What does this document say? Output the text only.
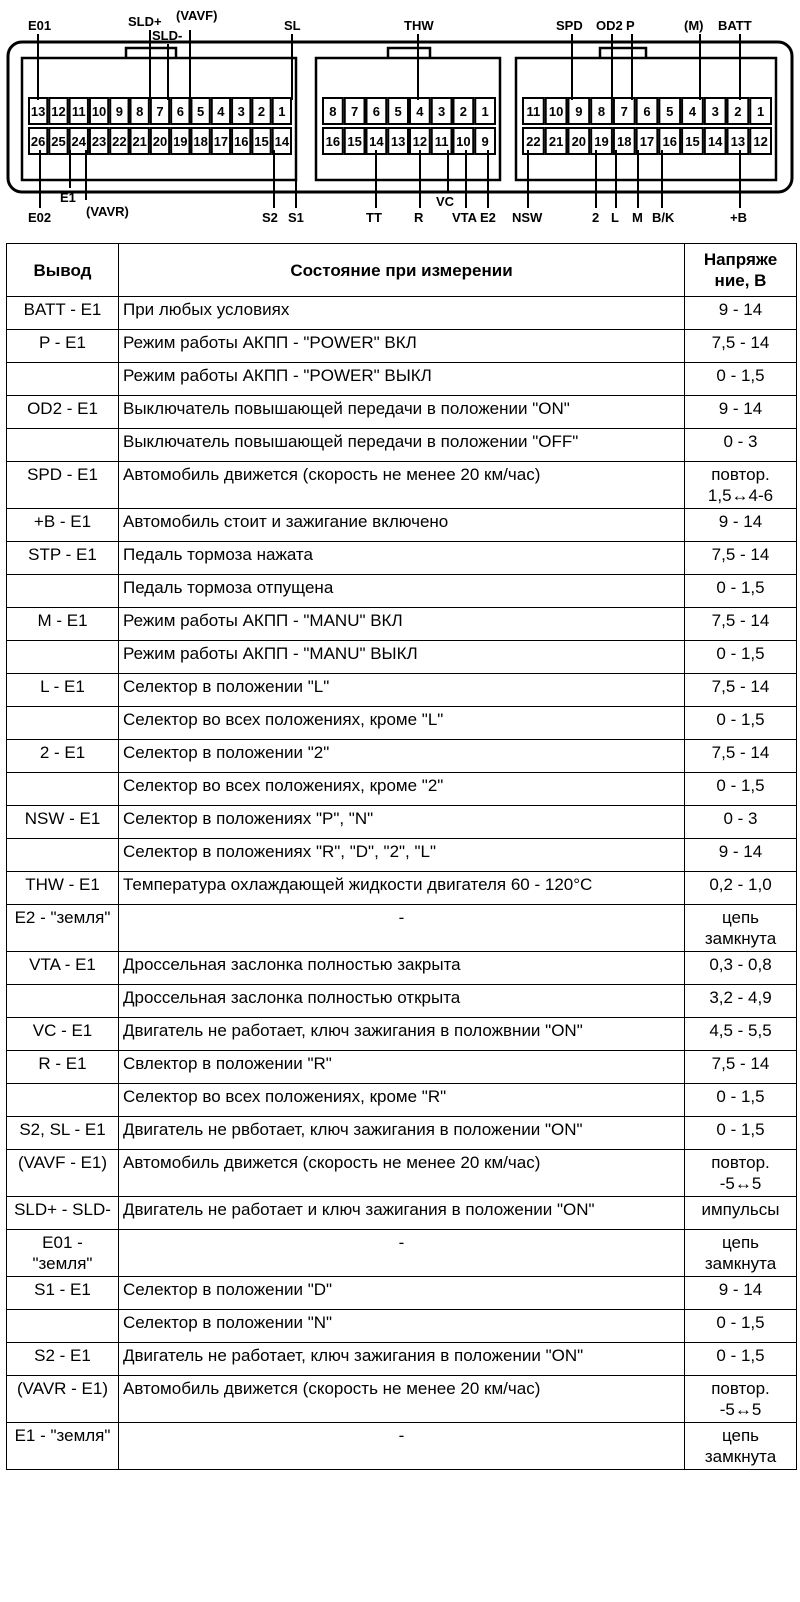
13 12 11 10 9 8 7 6 5 4 3 2 1
26 25 24 23 22 21 20 19 18 17 16 15 14
8 7 6 5 4 3 2 1
16 15 14 13 12 11 10 9
11 10 9 8 7 6 5 4 3 2 1
22 21 20 19 18 17 16 15 14 13 12
E01	SLD+
SLD-
(VAVF)
SL	THW	SPD OD2 P	(M) BATT
E02
E1
(VAVR)	S2 S1	TT R
VC
VTA E2 NSW	2 L M B/K	+B
Вывод	Состояние при измерении	Напряже ние, В
BATT - E1	При любых условиях	9 - 14
P - E1	Режим работы АКПП - "POWER" ВКЛ	7,5 - 14
	Режим работы АКПП - "POWER" ВЫКЛ	0 - 1,5
OD2 - E1	Выключатель повышающей передачи в положении "ON"	9 - 14
	Выключатель повышающей передачи в положении "OFF"	0 - 3
SPD - E1	Автомобиль движется (скорость не менее 20 км/час)	повтор. 1,5↔4-6
+B - E1	Автомобиль стоит и зажигание включено	9 - 14
STP - E1	Педаль тормоза нажата	7,5 - 14
	Педаль тормоза отпущена	0 - 1,5
M - E1	Режим работы АКПП - "MANU" ВКЛ	7,5 - 14
	Режим работы АКПП - "MANU" ВЫКЛ	0 - 1,5
L - E1	Селектор в положении "L"	7,5 - 14
	Селектор во всех положениях, кроме "L"	0 - 1,5
2 - E1	Селектор в положении "2"	7,5 - 14
	Селектор во всех положениях, кроме "2"	0 - 1,5
NSW - E1	Селектор в положениях "P", "N"	0 - 3
	Селектор в положениях "R", "D", "2", "L"	9 - 14
THW - E1	Температура охлаждающей жидкости двигателя 60 - 120°C	0,2 - 1,0
E2 - "земля"	-	цепь замкнута
VTA - E1	Дроссельная заслонка полностью закрыта	0,3 - 0,8
	Дроссельная заслонка полностью открыта	3,2 - 4,9
VC - E1	Двигатель не работает, ключ зажигания в положвнии "ON"	4,5 - 5,5
R - E1	Свлектор в положении "R"	7,5 - 14
	Селектор во всех положениях, кроме "R"	0 - 1,5
S2, SL - E1	Двигатель не рвботает, ключ зажигания в положении "ON"	0 - 1,5
(VAVF - E1)	Автомобиль движется (скорость не менее 20 км/час)	повтор. -5↔5
SLD+ - SLD-	Двигатель не работает и ключ зажигания в положении "ON"	импульсы
E01 - "земля"	-	цепь замкнута
S1 - E1	Селектор в положении "D"	9 - 14
	Селектор в положении "N"	0 - 1,5
S2 - E1	Двигатель не работает, ключ зажигания в положении "ON"	0 - 1,5
(VAVR - E1)	Автомобиль движется (скорость не менее 20 км/час)	повтор. -5↔5
E1 - "земля"	-	цепь замкнута
